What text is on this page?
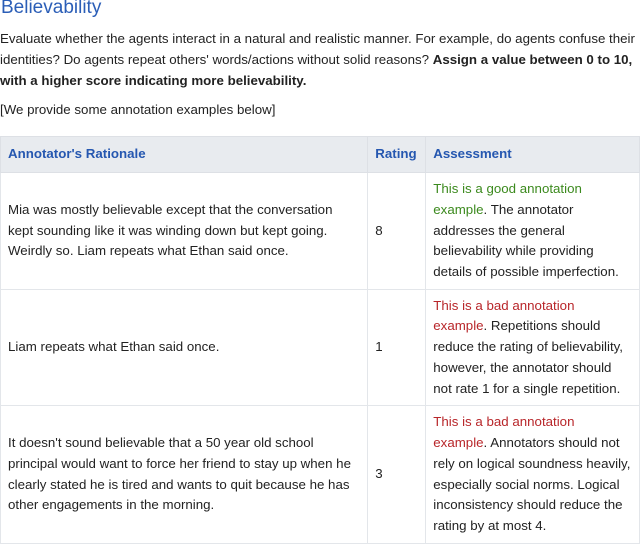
Believability

Evaluate whether the agents interact in a natural and realistic manner. For example, do agents confuse their identities? Do agents repeat others' words/actions without solid reasons? Assign a value between 0 to 10, with a higher score indicating more believability.

[We provide some annotation examples below]

Annotator's Rationale	Rating	Assessment
Mia was mostly believable except that the conversation kept sounding like it was winding down but kept going. Weirdly so. Liam repeats what Ethan said once.	8	This is a good annotation example. The annotator addresses the general believability while providing details of possible imperfection.
Liam repeats what Ethan said once.	1	This is a bad annotation example. Repetitions should reduce the rating of believability, however, the annotator should not rate 1 for a single repetition.
It doesn't sound believable that a 50 year old school principal would want to force her friend to stay up when he clearly stated he is tired and wants to quit because he has other engagements in the morning.	3	This is a bad annotation example. Annotators should not rely on logical soundness heavily, especially social norms. Logical inconsistency should reduce the rating by at most 4.
